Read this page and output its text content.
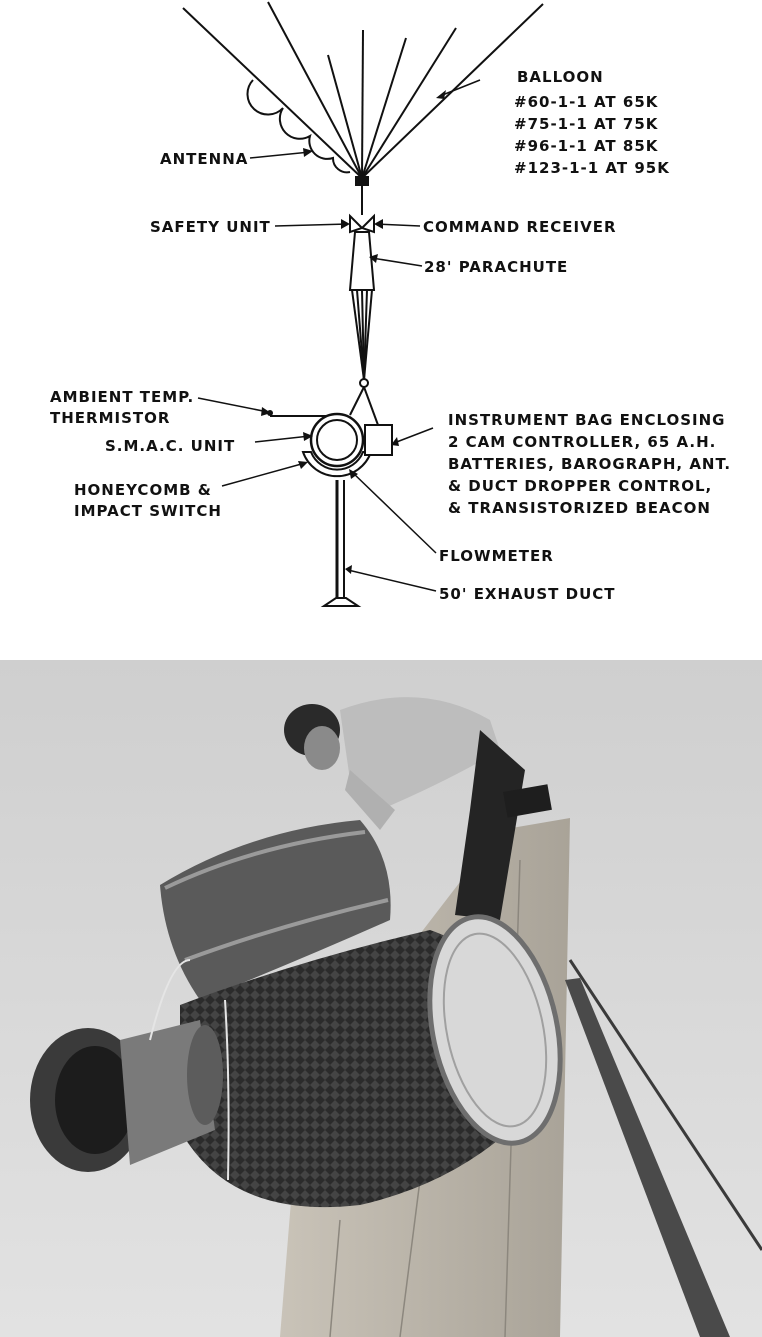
BALLOON
#60-1-1 AT 65K
#75-1-1 AT 75K
#96-1-1 AT 85K
#123-1-1 AT 95K
ANTENNA
SAFETY UNIT	COMMAND RECEIVER
28' PARACHUTE
AMBIENT TEMP.
THERMISTOR
S.M.A.C. UNIT
HONEYCOMB &
IMPACT SWITCH
INSTRUMENT BAG ENCLOSING
2 CAM CONTROLLER, 65 A.H.
BATTERIES, BAROGRAPH, ANT.
& DUCT DROPPER CONTROL,
& TRANSISTORIZED BEACON
FLOWMETER
50' EXHAUST DUCT
